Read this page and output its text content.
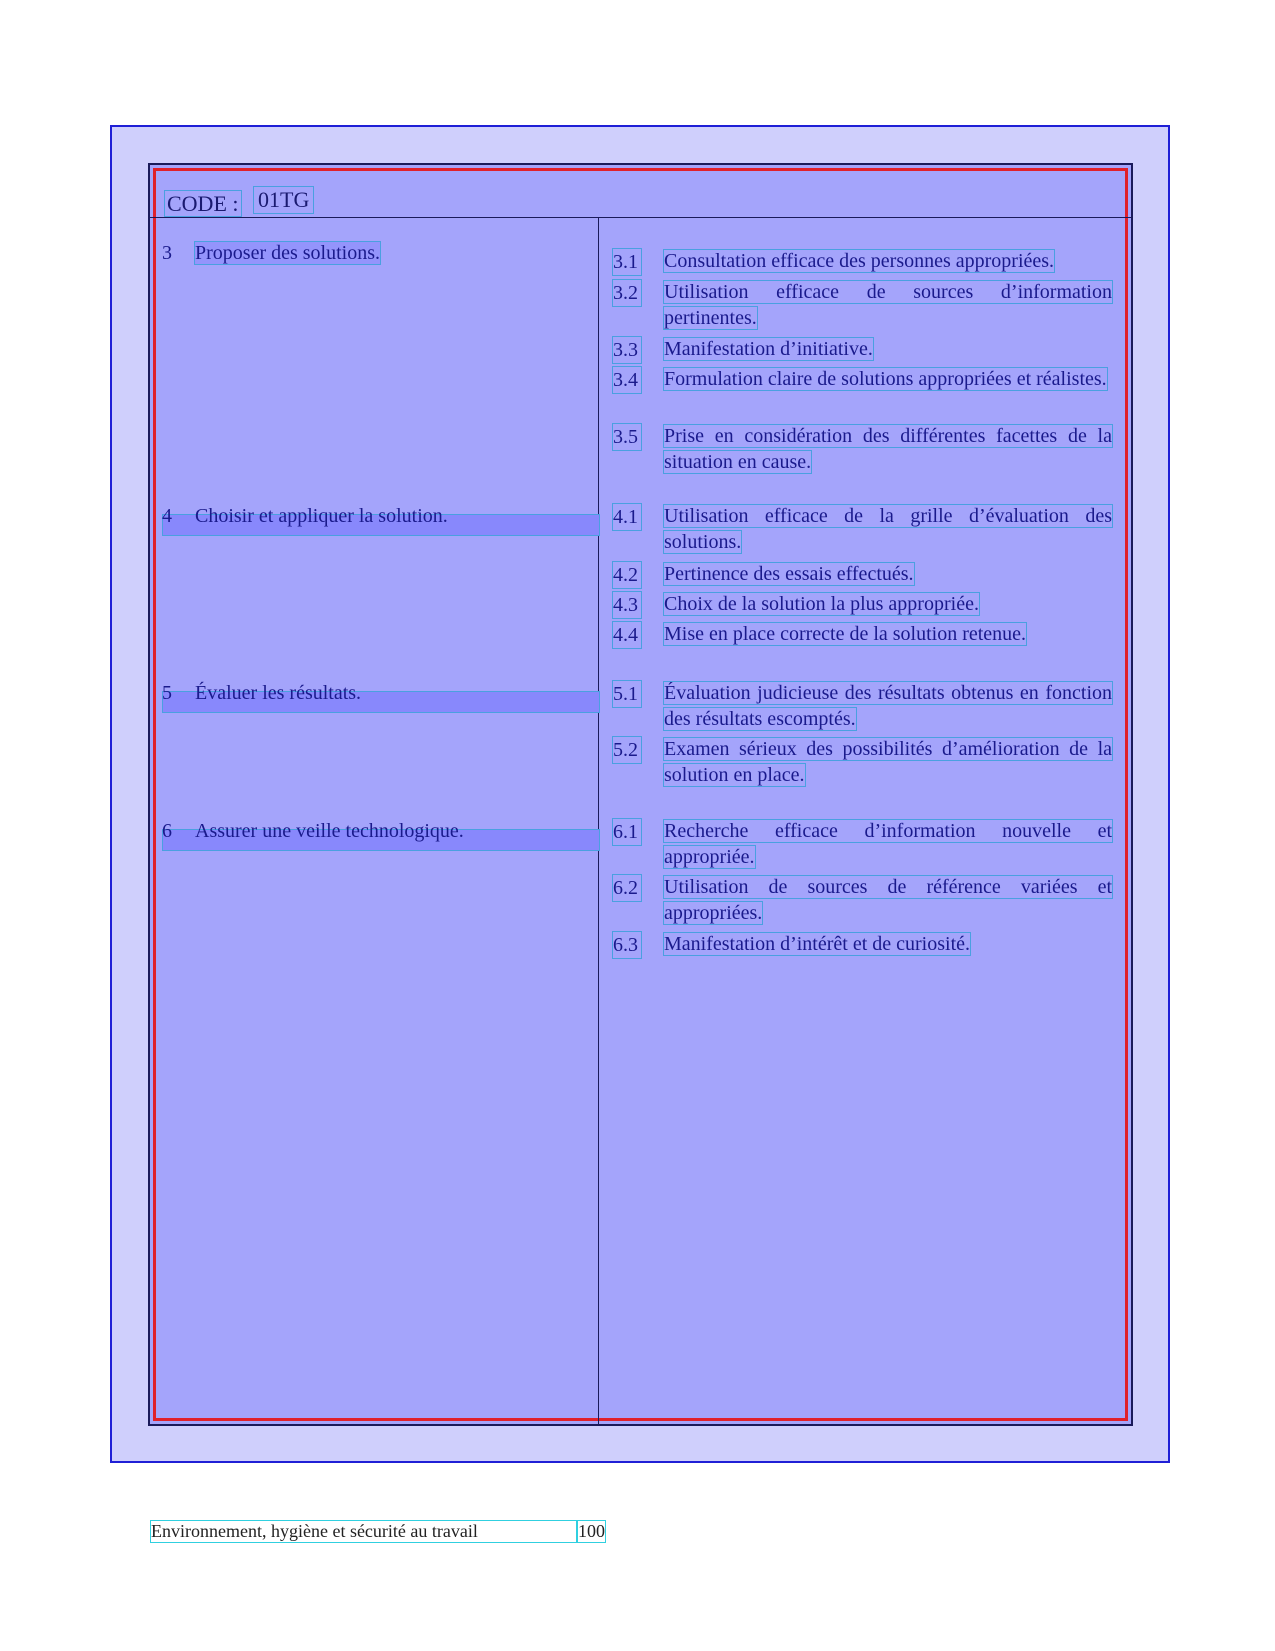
CODE : 01TG
3 Proposer des solutions.
4 Choisir et appliquer la solution.
5 Évaluer les résultats.
6 Assurer une veille technologique.
3.1 Consultation efficace des personnes appropriées.
3.2 Utilisation efficace de sources d’information pertinentes.
3.3 Manifestation d’initiative.
3.4 Formulation claire de solutions appropriées et réalistes.
3.5 Prise en considération des différentes facettes de la situation en cause.
4.1 Utilisation efficace de la grille d’évaluation des solutions.
4.2 Pertinence des essais effectués.
4.3 Choix de la solution la plus appropriée.
4.4 Mise en place correcte de la solution retenue.
5.1 Évaluation judicieuse des résultats obtenus en fonction des résultats escomptés.
5.2 Examen sérieux des possibilités d’amélioration de la solution en place.
6.1 Recherche efficace d’information nouvelle et appropriée.
6.2 Utilisation de sources de référence variées et appropriées.
6.3 Manifestation d’intérêt et de curiosité.
Environnement, hygiène et sécurité au travail	100
